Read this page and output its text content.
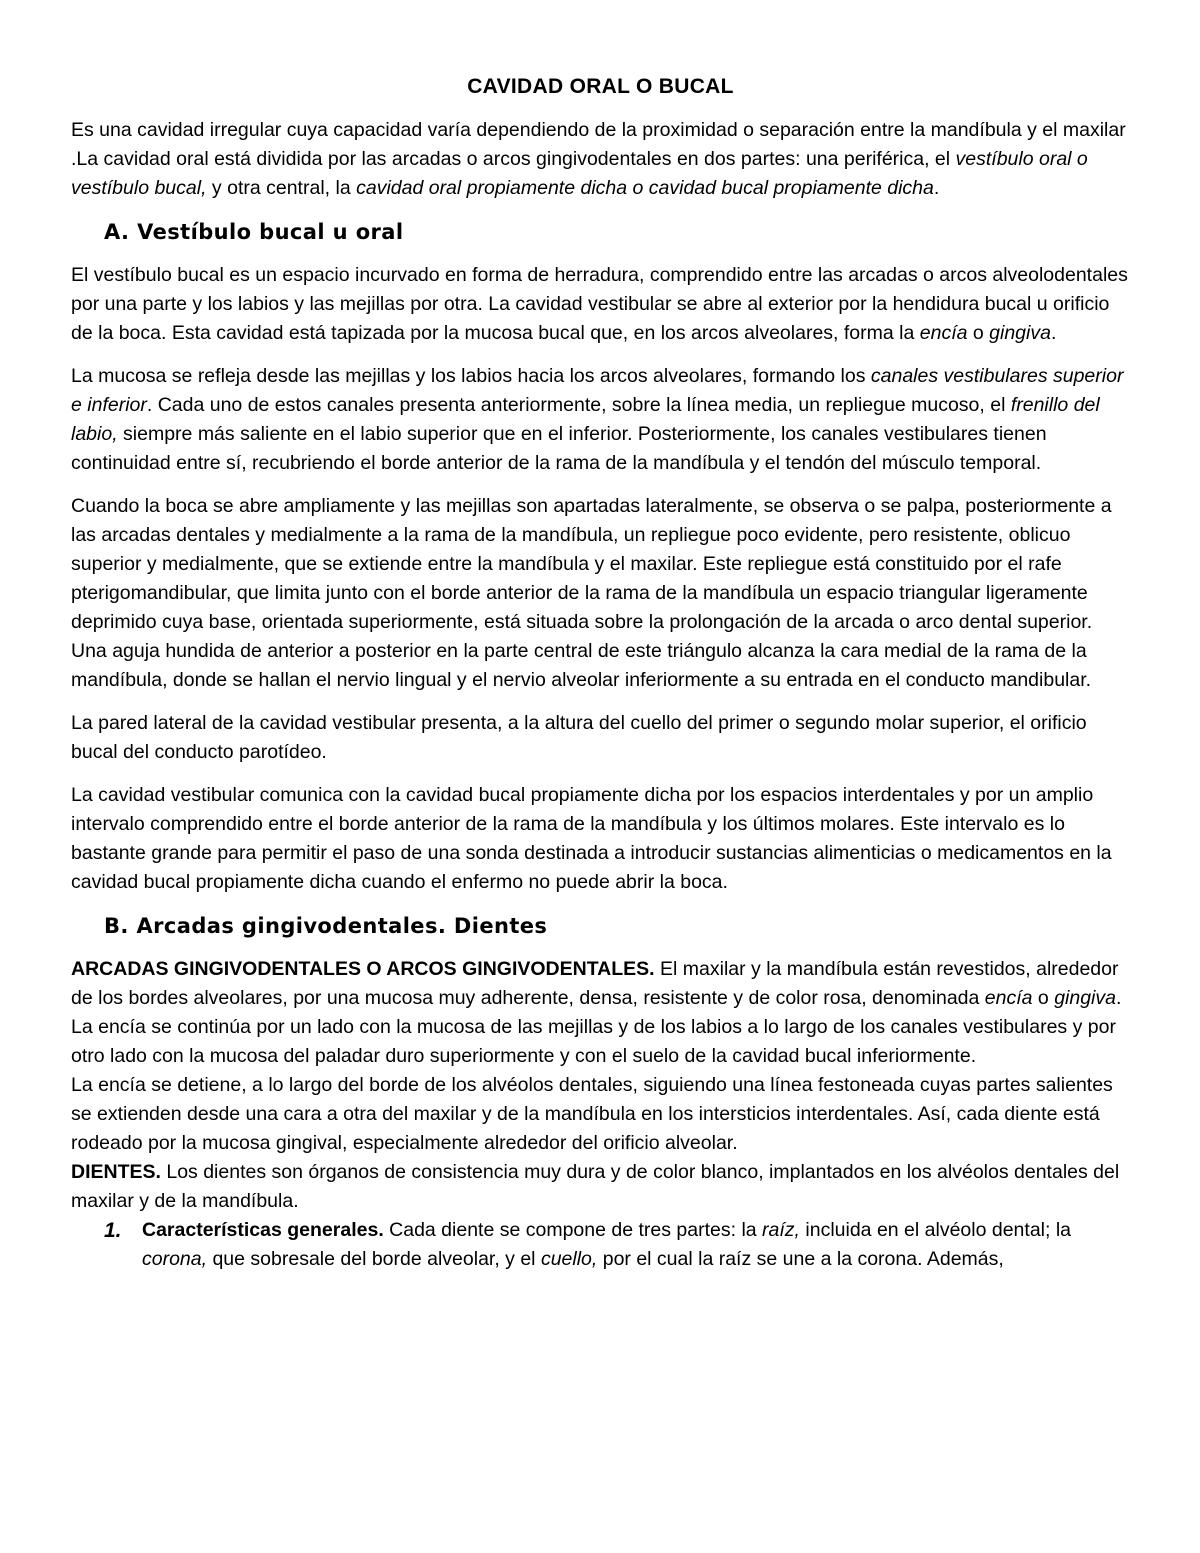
CAVIDAD ORAL O BUCAL
Es una cavidad irregular cuya capacidad varía dependiendo de la proximidad o separación entre la mandíbula y el maxilar .La cavidad oral está dividida por las arcadas o arcos gingivodentales en dos partes: una periférica, el vestíbulo oral o vestíbulo bucal, y otra central, la cavidad oral propiamente dicha o cavidad bucal propiamente dicha.
A. Vestíbulo bucal u oral
El vestíbulo bucal es un espacio incurvado en forma de herradura, comprendido entre las arcadas o arcos alveolodentales por una parte y los labios y las mejillas por otra. La cavidad vestibular se abre al exterior por la hendidura bucal u orificio de la boca. Esta cavidad está tapizada por la mucosa bucal que, en los arcos alveolares, forma la encía o gingiva.
La mucosa se refleja desde las mejillas y los labios hacia los arcos alveolares, formando los canales vestibulares superior e inferior. Cada uno de estos canales presenta anteriormente, sobre la línea media, un repliegue mucoso, el frenillo del labio, siempre más saliente en el labio superior que en el inferior. Posteriormente, los canales vestibulares tienen continuidad entre sí, recubriendo el borde anterior de la rama de la mandíbula y el tendón del músculo temporal.
Cuando la boca se abre ampliamente y las mejillas son apartadas lateralmente, se observa o se palpa, posteriormente a las arcadas dentales y medialmente a la rama de la mandíbula, un repliegue poco evidente, pero resistente, oblicuo superior y medialmente, que se extiende entre la mandíbula y el maxilar. Este repliegue está constituido por el rafe pterigomandibular, que limita junto con el borde anterior de la rama de la mandíbula un espacio triangular ligeramente deprimido cuya base, orientada superiormente, está situada sobre la prolongación de la arcada o arco dental superior. Una aguja hundida de anterior a posterior en la parte central de este triángulo alcanza la cara medial de la rama de la mandíbula, donde se hallan el nervio lingual y el nervio alveolar inferiormente a su entrada en el conducto mandibular.
La pared lateral de la cavidad vestibular presenta, a la altura del cuello del primer o segundo molar superior, el orificio bucal del conducto parotídeo.
La cavidad vestibular comunica con la cavidad bucal propiamente dicha por los espacios interdentales y por un amplio intervalo comprendido entre el borde anterior de la rama de la mandíbula y los últimos molares. Este intervalo es lo bastante grande para permitir el paso de una sonda destinada a introducir sustancias alimenticias o medicamentos en la cavidad bucal propiamente dicha cuando el enfermo no puede abrir la boca.
B. Arcadas gingivodentales. Dientes
ARCADAS GINGIVODENTALES O ARCOS GINGIVODENTALES. El maxilar y la mandíbula están revestidos, alrededor de los bordes alveolares, por una mucosa muy adherente, densa, resistente y de color rosa, denominada encía o gingiva.
La encía se continúa por un lado con la mucosa de las mejillas y de los labios a lo largo de los canales vestibulares y por otro lado con la mucosa del paladar duro superiormente y con el suelo de la cavidad bucal inferiormente.
La encía se detiene, a lo largo del borde de los alvéolos dentales, siguiendo una línea festoneada cuyas partes salientes se extienden desde una cara a otra del maxilar y de la mandíbula en los intersticios interdentales. Así, cada diente está rodeado por la mucosa gingival, especialmente alrededor del orificio alveolar.
DIENTES. Los dientes son órganos de consistencia muy dura y de color blanco, implantados en los alvéolos dentales del maxilar y de la mandíbula.
1. Características generales. Cada diente se compone de tres partes: la raíz, incluida en el alvéolo dental; la corona, que sobresale del borde alveolar, y el cuello, por el cual la raíz se une a la corona. Además,
